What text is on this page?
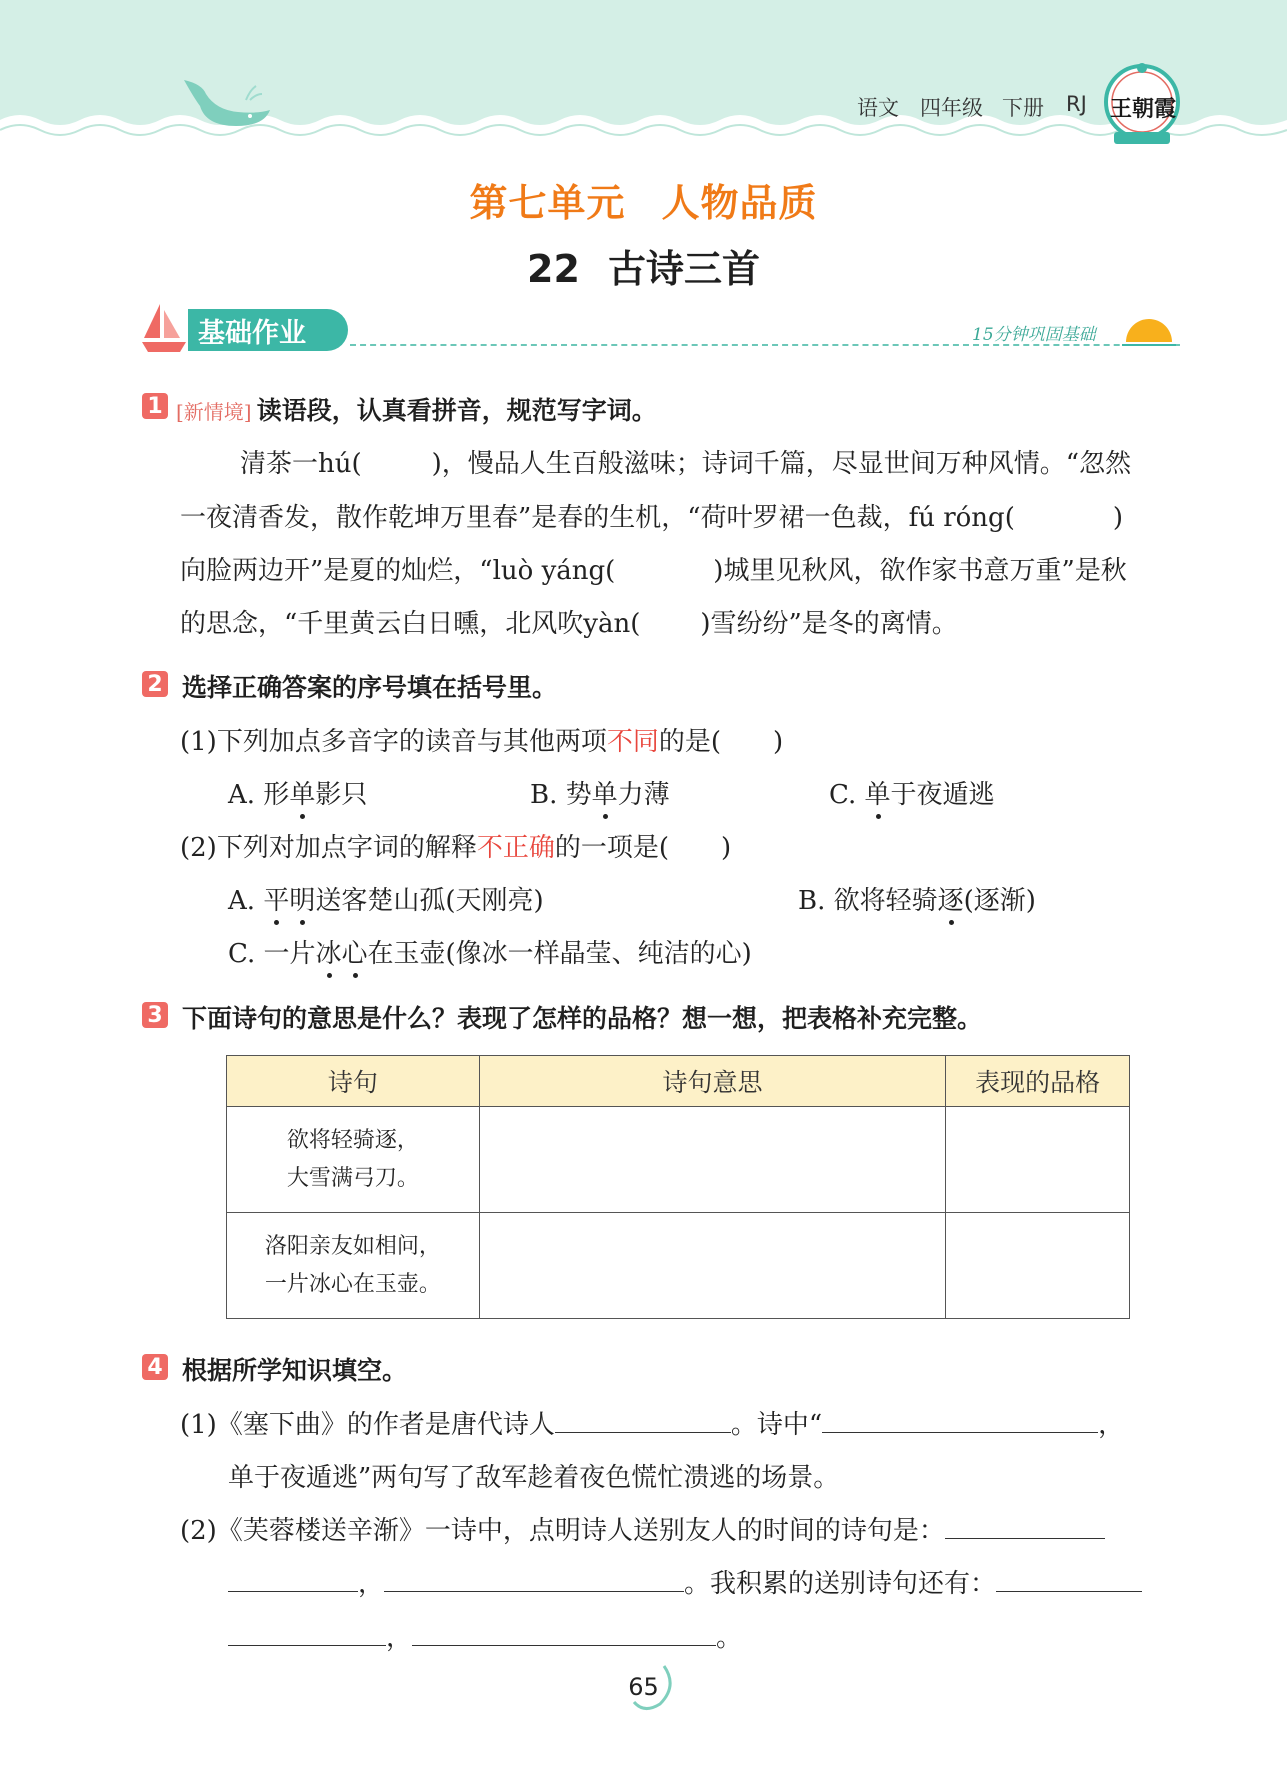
语文 四年级 下册 RJ 王朝霞
第七单元 人物品质
22 古诗三首
基础作业	15分钟巩固基础
1 [新情境] 读语段，认真看拼音，规范写字词。
清茶一hú(	)，慢品人生百般滋味；诗词千篇，尽显世间万种风情。“忽然
一夜清香发，散作乾坤万里春”是春的生机，“荷叶罗裙一色裁，fú róng(	)
向脸两边开”是夏的灿烂，“luò yáng(	)城里见秋风，欲作家书意万重”是秋
的思念，“千里黄云白日曛，北风吹yàn( )雪纷纷”是冬的离情。
2 选择正确答案的序号填在括号里。
(1)下列加点多音字的读音与其他两项不同的是(　　)
A. 形单影只	B. 势单力薄	C. 单于夜遁逃
(2)下列对加点字词的解释不正确的一项是(　　)
A. 平明送客楚山孤(天刚亮)	B. 欲将轻骑逐(逐渐)
C. 一片冰心在玉壶(像冰一样晶莹、纯洁的心)
3 下面诗句的意思是什么？表现了怎样的品格？想一想，把表格补充完整。
诗句	诗句意思	表现的品格
欲将轻骑逐，
大雪满弓刀。		
洛阳亲友如相问，
一片冰心在玉壶。		
4 根据所学知识填空。
(1)《塞下曲》的作者是唐代诗人	。诗中“	，
单于夜遁逃”两句写了敌军趁着夜色慌忙溃逃的场景。
(2)《芙蓉楼送辛渐》一诗中，点明诗人送别友人的时间的诗句是：
，	。我积累的送别诗句还有：
，	。
65
